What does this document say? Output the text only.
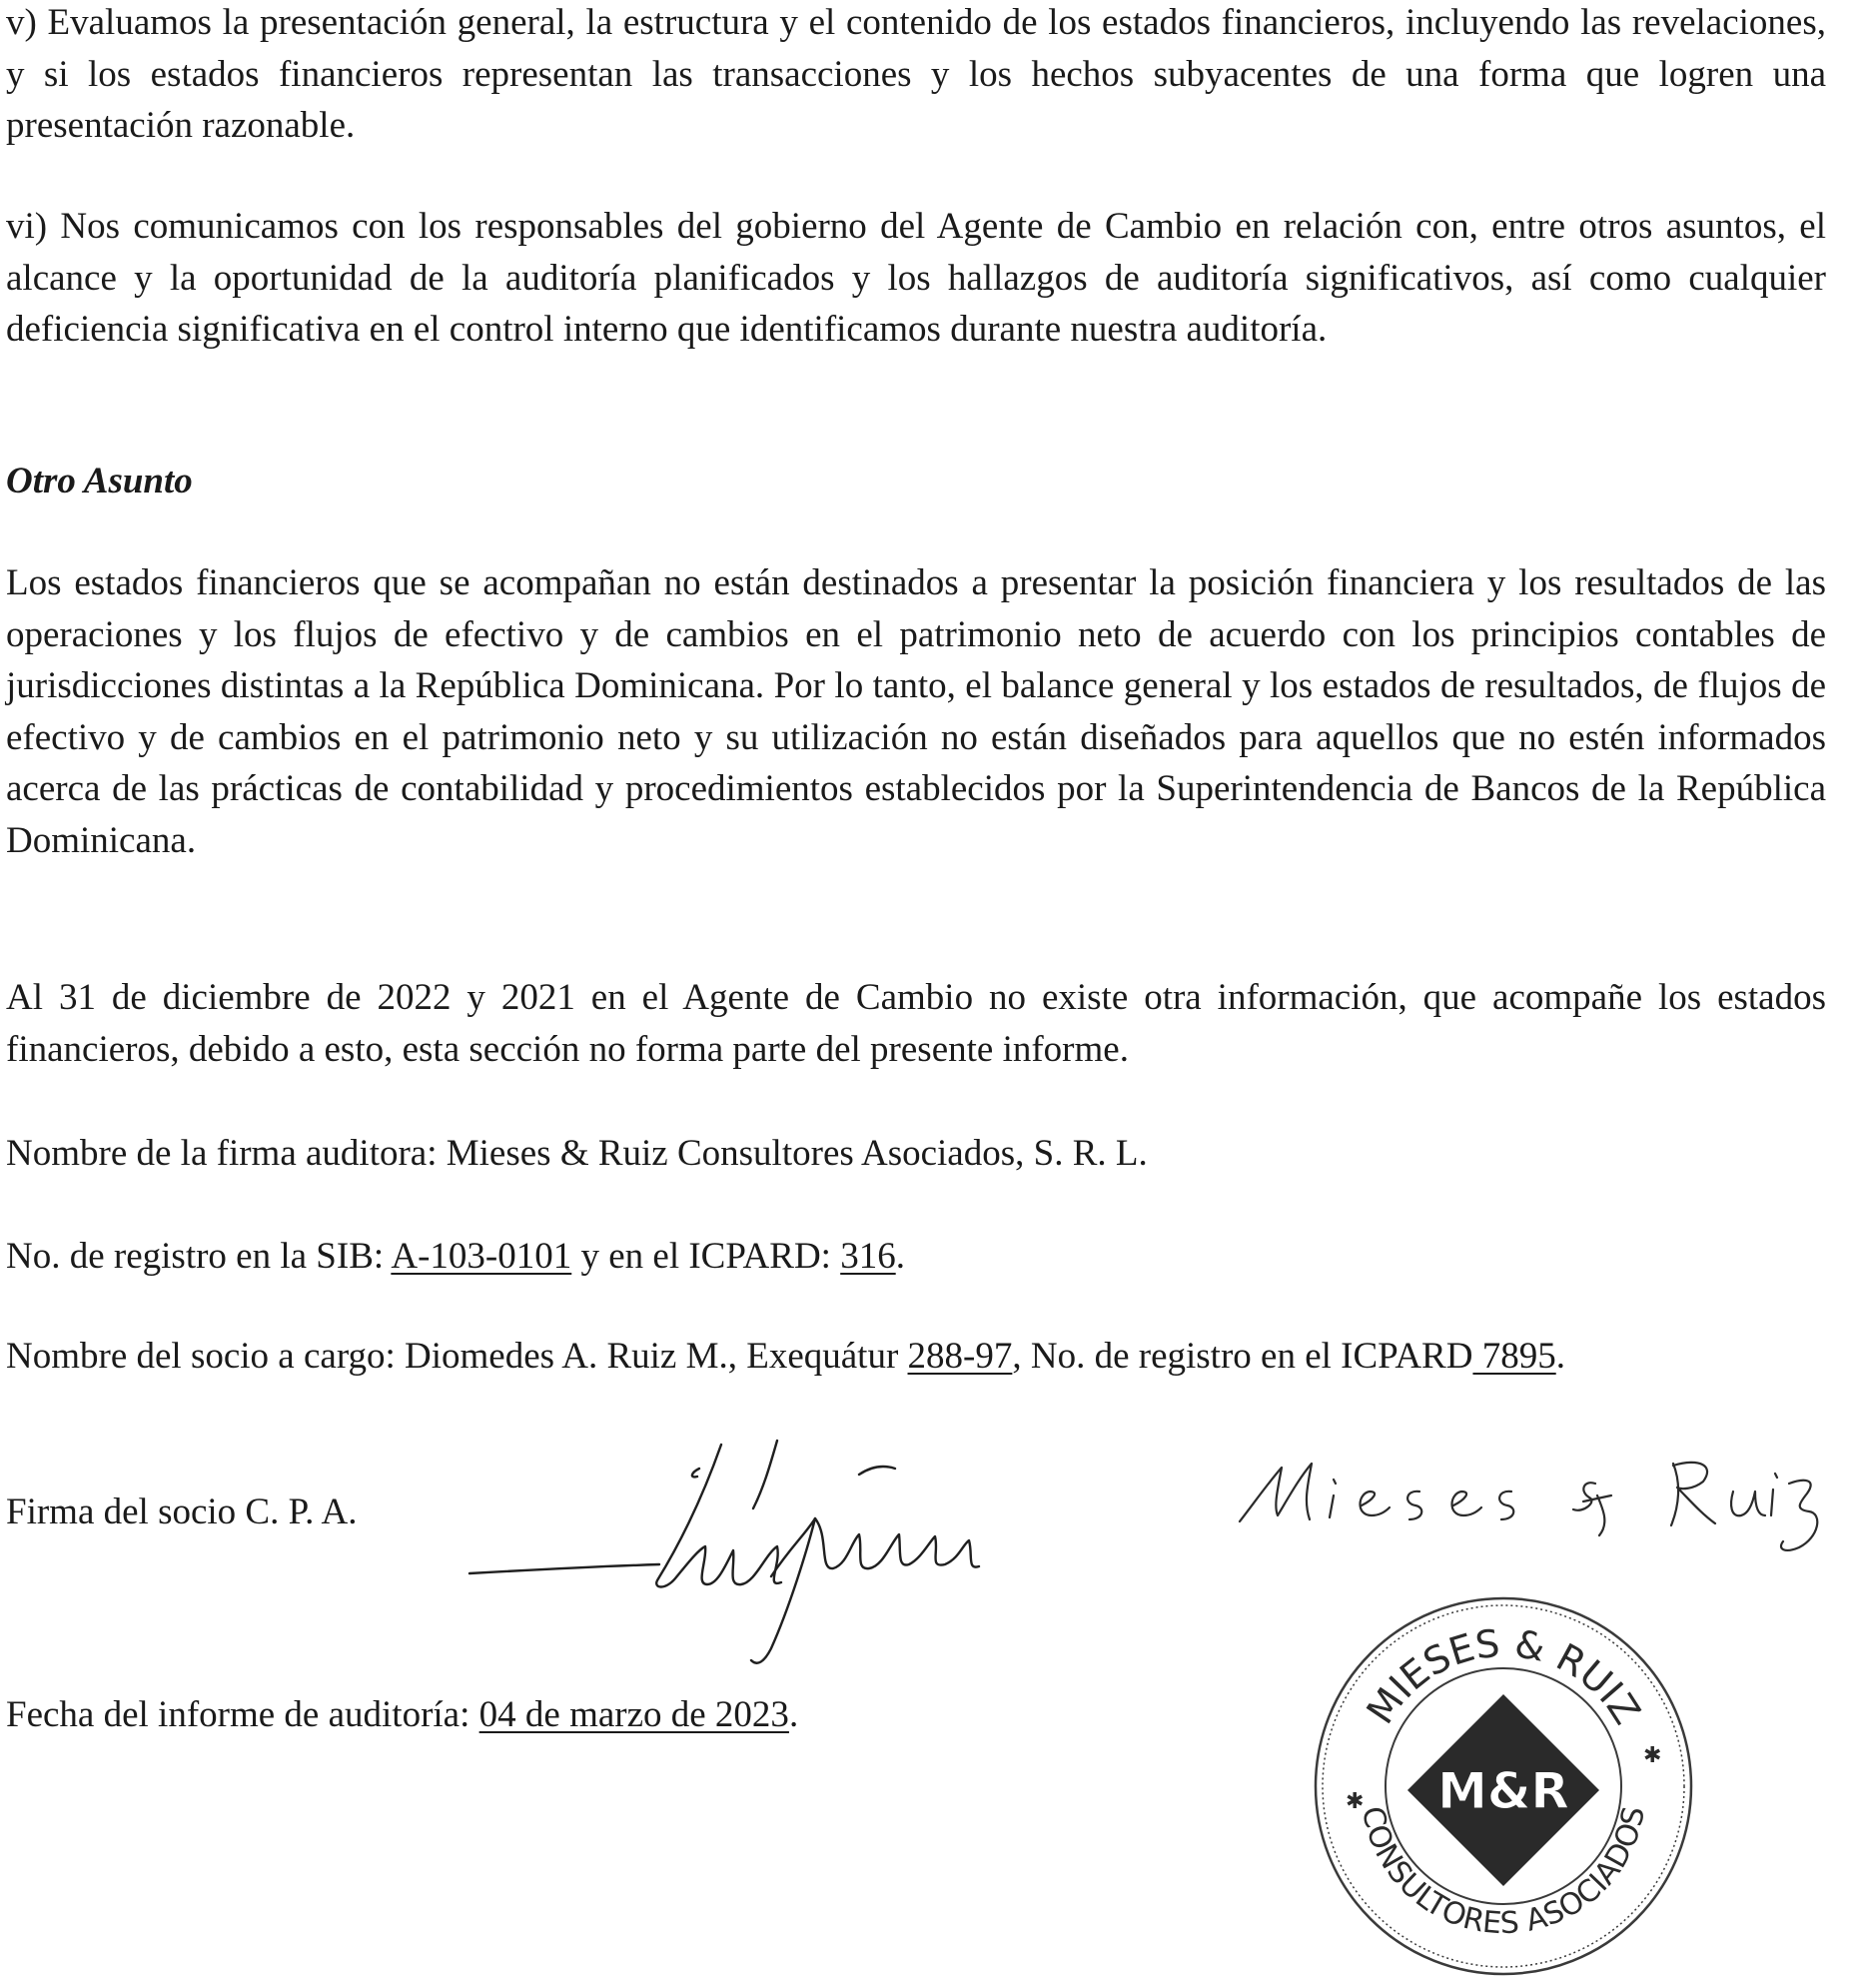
v) Evaluamos la presentación general, la estructura y el contenido de los estados financieros, incluyendo las revelaciones, y si los estados financieros representan las transacciones y los hechos subyacentes de una forma que logren una presentación razonable.

vi) Nos comunicamos con los responsables del gobierno del Agente de Cambio en relación con, entre otros asuntos, el alcance y la oportunidad de la auditoría planificados y los hallazgos de auditoría significativos, así como cualquier deficiencia significativa en el control interno que identificamos durante nuestra auditoría.

Otro Asunto

Los estados financieros que se acompañan no están destinados a presentar la posición financiera y los resultados de las operaciones y los flujos de efectivo y de cambios en el patrimonio neto de acuerdo con los principios contables de jurisdicciones distintas a la República Dominicana. Por lo tanto, el balance general y los estados de resultados, de flujos de efectivo y de cambios en el patrimonio neto y su utilización no están diseñados para aquellos que no estén informados acerca de las prácticas de contabilidad y procedimientos establecidos por la Superintendencia de Bancos de la República Dominicana.

Al 31 de diciembre de 2022 y 2021 en el Agente de Cambio no existe otra información, que acompañe los estados financieros, debido a esto, esta sección no forma parte del presente informe.

Nombre de la firma auditora: Mieses & Ruiz Consultores Asociados, S. R. L.

No. de registro en la SIB: A-103-0101 y en el ICPARD: 316.

Nombre del socio a cargo: Diomedes A. Ruiz M., Exequátur 288-97, No. de registro en el ICPARD 7895.

Firma del socio C. P. A.

Fecha del informe de auditoría: 04 de marzo de 2023.	MIESES & RUIZ
CONSULTORES ASOCIADOS
✱
✱
M&R
